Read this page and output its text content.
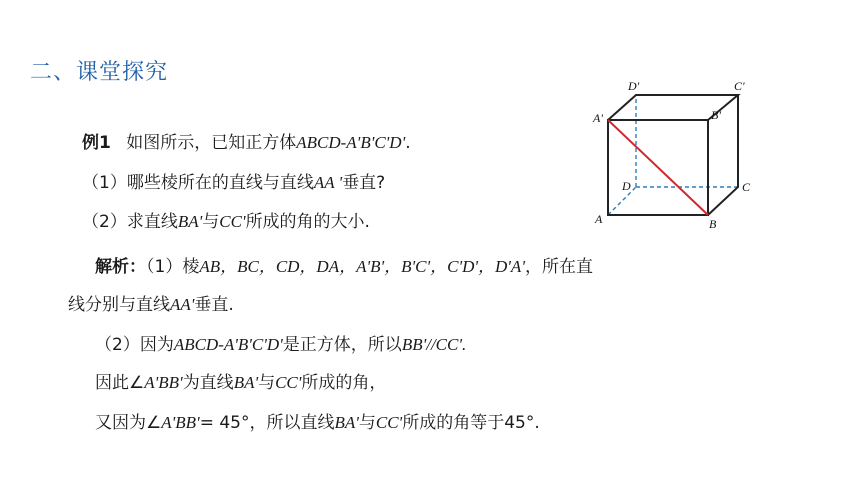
二、课堂探究
例1 如图所示，已知正方体ABCD-A'B'C'D'.
（1）哪些棱所在的直线与直线AA '垂直?
（2）求直线BA'与CC'所成的角的大小.
解析：（1）棱AB，BC，CD，DA，A'B'，B'C'，C'D'，D'A'，所在直
线分别与直线AA'垂直.
（2）因为ABCD-A'B'C'D'是正方体，所以BB'//CC'.
因此∠A'BB'为直线BA'与CC'所成的角，
又因为∠A'BB'= 45°，所以直线BA'与CC'所成的角等于45°.
A	B
C
D
A'	B'
C'
D'
